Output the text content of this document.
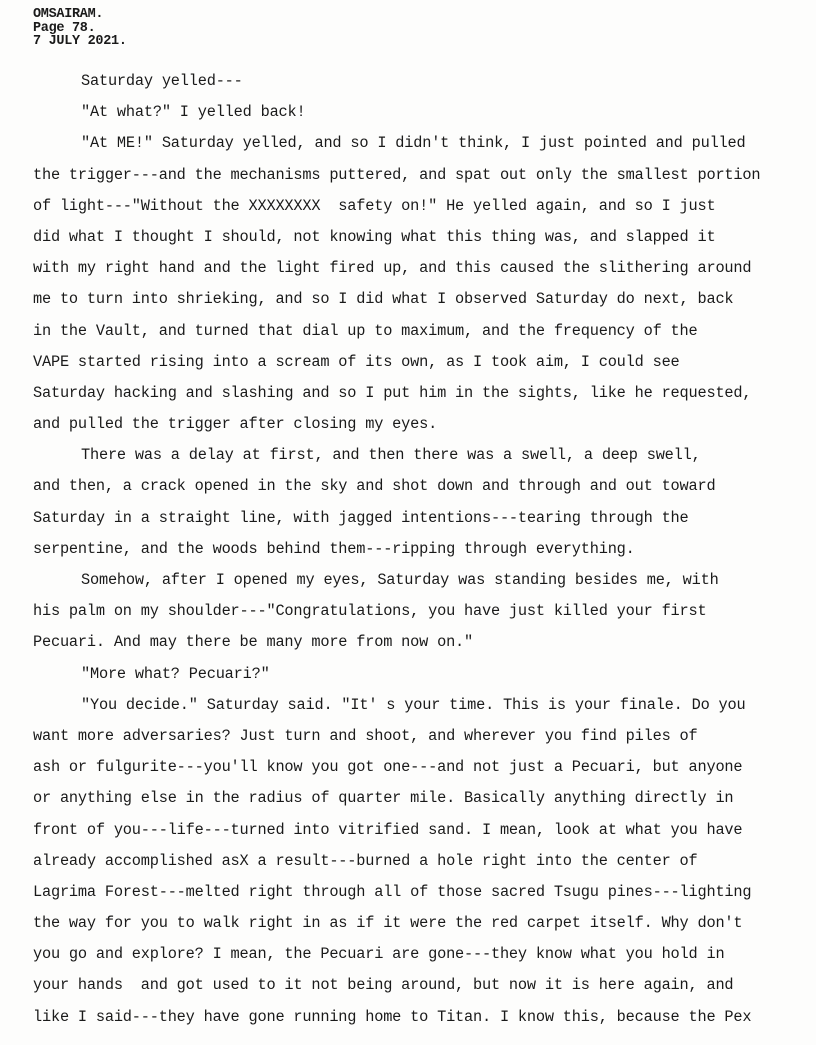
OMSAIRAM.
Page 78.
7 JULY 2021.
Saturday yelled---
"At what?" I yelled back!
"At ME!" Saturday yelled, and so I didn't think, I just pointed and pulled
the trigger---and the mechanisms puttered, and spat out only the smallest portion
of light---"Without the XXXXXXXX  safety on!" He yelled again, and so I just
did what I thought I should, not knowing what this thing was, and slapped it
with my right hand and the light fired up, and this caused the slithering around
me to turn into shrieking, and so I did what I observed Saturday do next, back
in the Vault, and turned that dial up to maximum, and the frequency of the
VAPE started rising into a scream of its own, as I took aim, I could see
Saturday hacking and slashing and so I put him in the sights, like he requested,
and pulled the trigger after closing my eyes.
There was a delay at first, and then there was a swell, a deep swell,
and then, a crack opened in the sky and shot down and through and out toward
Saturday in a straight line, with jagged intentions---tearing through the
serpentine, and the woods behind them---ripping through everything.
Somehow, after I opened my eyes, Saturday was standing besides me, with
his palm on my shoulder---"Congratulations, you have just killed your first
Pecuari. And may there be many more from now on."
"More what? Pecuari?"
"You decide." Saturday said. "It' s your time. This is your finale. Do you
want more adversaries? Just turn and shoot, and wherever you find piles of
ash or fulgurite---you'll know you got one---and not just a Pecuari, but anyone
or anything else in the radius of quarter mile. Basically anything directly in
front of you---life---turned into vitrified sand. I mean, look at what you have
already accomplished asX a result---burned a hole right into the center of
Lagrima Forest---melted right through all of those sacred Tsugu pines---lighting
the way for you to walk right in as if it were the red carpet itself. Why don't
you go and explore? I mean, the Pecuari are gone---they know what you hold in
your hands  and got used to it not being around, but now it is here again, and
like I said---they have gone running home to Titan. I know this, because the Pex
